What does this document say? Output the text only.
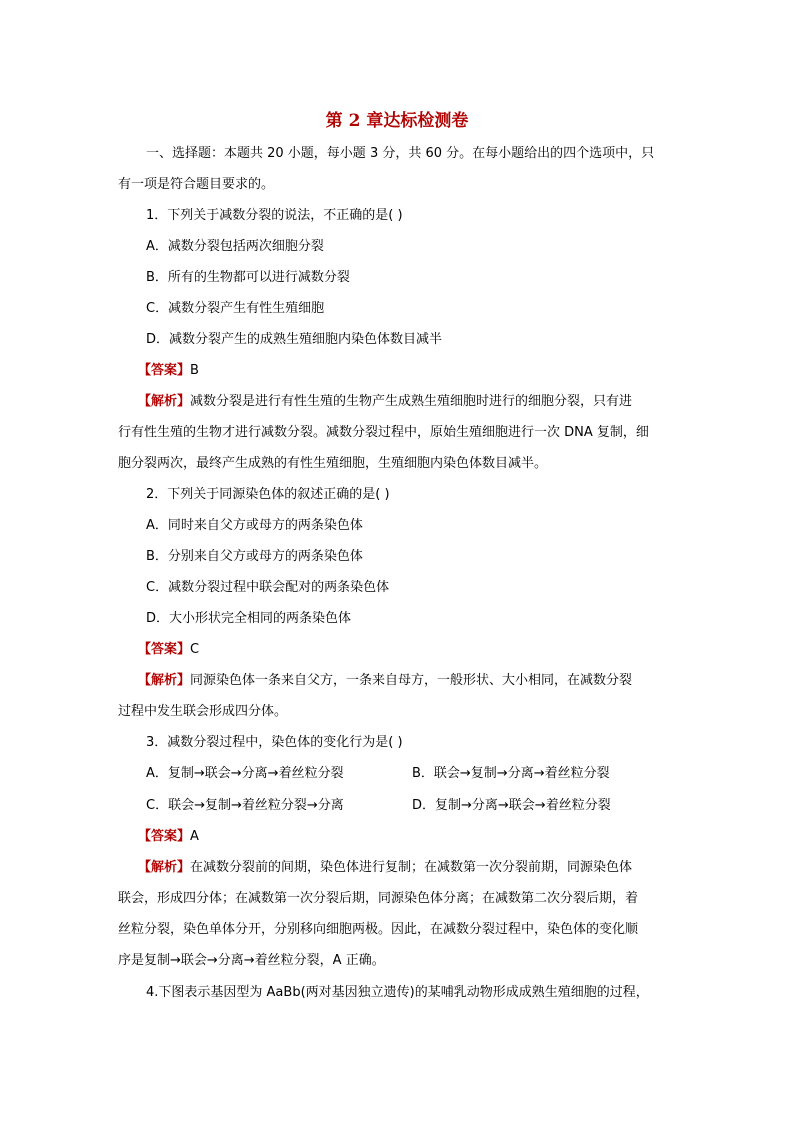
第 2 章达标检测卷
一、选择题：本题共 20 小题，每小题 3 分，共 60 分。在每小题给出的四个选项中，只
有一项是符合题目要求的。
1．下列关于减数分裂的说法，不正确的是( )
A．减数分裂包括两次细胞分裂
B．所有的生物都可以进行减数分裂
C．减数分裂产生有性生殖细胞
D．减数分裂产生的成熟生殖细胞内染色体数目减半
【答案】B
【解析】减数分裂是进行有性生殖的生物产生成熟生殖细胞时进行的细胞分裂，只有进
行有性生殖的生物才进行减数分裂。减数分裂过程中，原始生殖细胞进行一次 DNA 复制，细
胞分裂两次，最终产生成熟的有性生殖细胞，生殖细胞内染色体数目减半。
2．下列关于同源染色体的叙述正确的是( )
A．同时来自父方或母方的两条染色体
B．分别来自父方或母方的两条染色体
C．减数分裂过程中联会配对的两条染色体
D．大小形状完全相同的两条染色体
【答案】C
【解析】同源染色体一条来自父方，一条来自母方，一般形状、大小相同，在减数分裂
过程中发生联会形成四分体。
3．减数分裂过程中，染色体的变化行为是( )
A．复制→联会→分离→着丝粒分裂	B．联会→复制→分离→着丝粒分裂
C．联会→复制→着丝粒分裂→分离	D．复制→分离→联会→着丝粒分裂
【答案】A
【解析】在减数分裂前的间期，染色体进行复制；在减数第一次分裂前期，同源染色体
联会，形成四分体；在减数第一次分裂后期，同源染色体分离；在减数第二次分裂后期，着
丝粒分裂，染色单体分开，分别移向细胞两极。因此，在减数分裂过程中，染色体的变化顺
序是复制→联会→分离→着丝粒分裂，A 正确。
4.下图表示基因型为 AaBb(两对基因独立遗传)的某哺乳动物形成成熟生殖细胞的过程，
